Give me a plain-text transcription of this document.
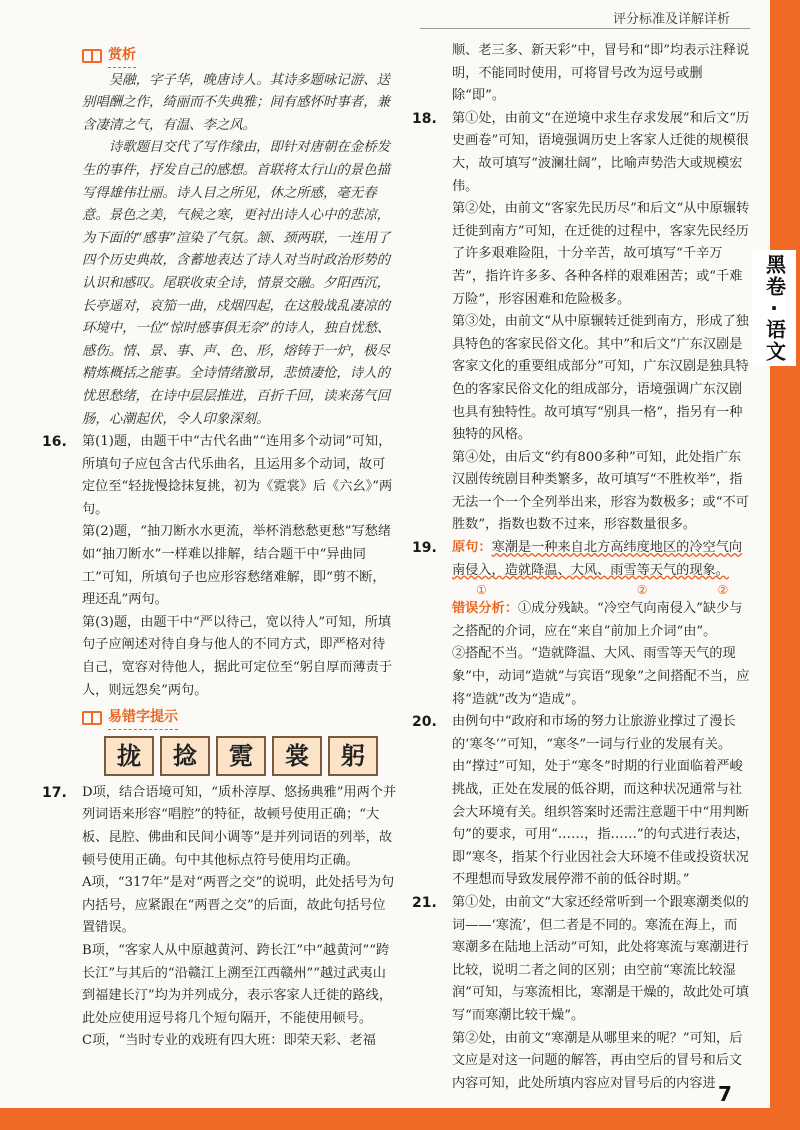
评分标准及详解详析
赏析

吴融，字子华，晚唐诗人。其诗多题咏记游、送别唱酬之作，绮丽而不失典雅；间有感怀时事者，兼含凄清之气，有温、李之风。

诗歌题目交代了写作缘由，即针对唐朝在金桥发生的事件，抒发自己的感想。首联将太行山的景色描写得雄伟壮丽。诗人目之所见，休之所感，毫无春意。景色之美，气候之寒，更衬出诗人心中的悲凉，为下面的“感事”渲染了气氛。颔、颈两联，一连用了四个历史典故，含蓄地表达了诗人对当时政治形势的认识和感叹。尾联收束全诗，情景交融。夕阳西沉，长亭遥对，哀笳一曲，戍烟四起，在这般战乱凄凉的环境中，一位“惊时感事俱无奈”的诗人，独自忧愁、感伤。情、景、事、声、色、形，熔铸于一炉，极尽精炼概括之能事。全诗情绪激昂，悲愤凄怆，诗人的忧思愁绪，在诗中层层推进，百折千回，读来荡气回肠，心潮起伏，令人印象深刻。

16. 第(1)题，由题干中“古代名曲”“连用多个动词”可知，所填句子应包含古代乐曲名，且运用多个动词，故可定位至“轻拢慢捻抹复挑，初为《霓裳》后《六幺》”两句。

第(2)题，“抽刀断水水更流，举杯消愁愁更愁”写愁绪如“抽刀断水”一样难以排解，结合题干中“异曲同工”可知，所填句子也应形容愁绪难解，即“剪不断，理还乱”两句。

第(3)题，由题干中“严以待己，宽以待人”可知，所填句子应阐述对待自身与他人的不同方式，即严格对待自己，宽容对待他人，据此可定位至“躬自厚而薄责于人，则远怨矣”两句。

易错字提示
拢	捻	霓	裳	躬
17. D项，结合语境可知，“质朴淳厚、悠扬典雅”用两个并列词语来形容“唱腔”的特征，故顿号使用正确；“大板、昆腔、佛曲和民间小调等”是并列词语的列举，故顿号使用正确。句中其他标点符号使用均正确。

A项，“317年”是对“两晋之交”的说明，此处括号为句内括号，应紧跟在“两晋之交”的后面，故此句括号位置错误。

B项，“客家人从中原越黄河、跨长江”中“越黄河”“跨长江”与其后的“沿赣江上溯至江西赣州”“越过武夷山到福建长汀”均为并列成分，表示客家人迁徙的路线，此处应使用逗号将几个短句隔开，不能使用顿号。

C项，“当时专业的戏班有四大班：即荣天彩、老福

顺、老三多、新天彩”中，冒号和“即”均表示注释说明，不能同时使用，可将冒号改为逗号或删除“即”。

18. 第①处，由前文“在逆境中求生存求发展”和后文“历史画卷”可知，语境强调历史上客家人迁徙的规模很大，故可填写“波澜壮阔”，比喻声势浩大或规模宏伟。

第②处，由前文“客家先民历尽”和后文“从中原辗转迁徙到南方”可知，在迁徙的过程中，客家先民经历了许多艰难险阻，十分辛苦，故可填写“千辛万苦”，指许许多多、各种各样的艰难困苦；或“千难万险”，形容困难和危险极多。

第③处，由前文“从中原辗转迁徙到南方，形成了独具特色的客家民俗文化。其中”和后文“广东汉剧是客家文化的重要组成部分”可知，广东汉剧是独具特色的客家民俗文化的组成部分，语境强调广东汉剧也具有独特性。故可填写“别具一格”，指另有一种独特的风格。

第④处，由后文“约有800多种”可知，此处指广东汉剧传统剧目种类繁多，故可填写“不胜枚举”，指无法一个一个全列举出来，形容为数极多；或“不可胜数”，指数也数不过来，形容数量很多。

19. 原句：寒潮是一种来自北方高纬度地区的冷空气向南侵入，造就降温、大风、雨雪等天气的现象。

①	②	②

错误分析：①成分残缺。“冷空气向南侵入”缺少与之搭配的介词，应在“来自”前加上介词“由”。

②搭配不当。“造就降温、大风、雨雪等天气的现象”中，动词“造就”与宾语“现象”之间搭配不当，应将“造就”改为“造成”。

20. 由例句中“政府和市场的努力让旅游业撑过了漫长的‘寒冬’”可知，“寒冬”一词与行业的发展有关。由“撑过”可知，处于“寒冬”时期的行业面临着严峻挑战，正处在发展的低谷期，而这种状况通常与社会大环境有关。组织答案时还需注意题干中“用判断句”的要求，可用“……，指……”的句式进行表达，即“寒冬，指某个行业因社会大环境不佳或投资状况不理想而导致发展停滞不前的低谷时期。”

21. 第①处，由前文“大家还经常听到一个跟寒潮类似的词——‘寒流’，但二者是不同的。寒流在海上，而寒潮多在陆地上活动”可知，此处将寒流与寒潮进行比较，说明二者之间的区别；由空前“寒流比较湿润”可知，与寒流相比，寒潮是干燥的，故此处可填写“而寒潮比较干燥”。

第②处，由前文“寒潮是从哪里来的呢？”可知，后文应是对这一问题的解答，再由空后的冒号和后文内容可知，此处所填内容应对冒号后的内容进 7
黑卷
·
语文
